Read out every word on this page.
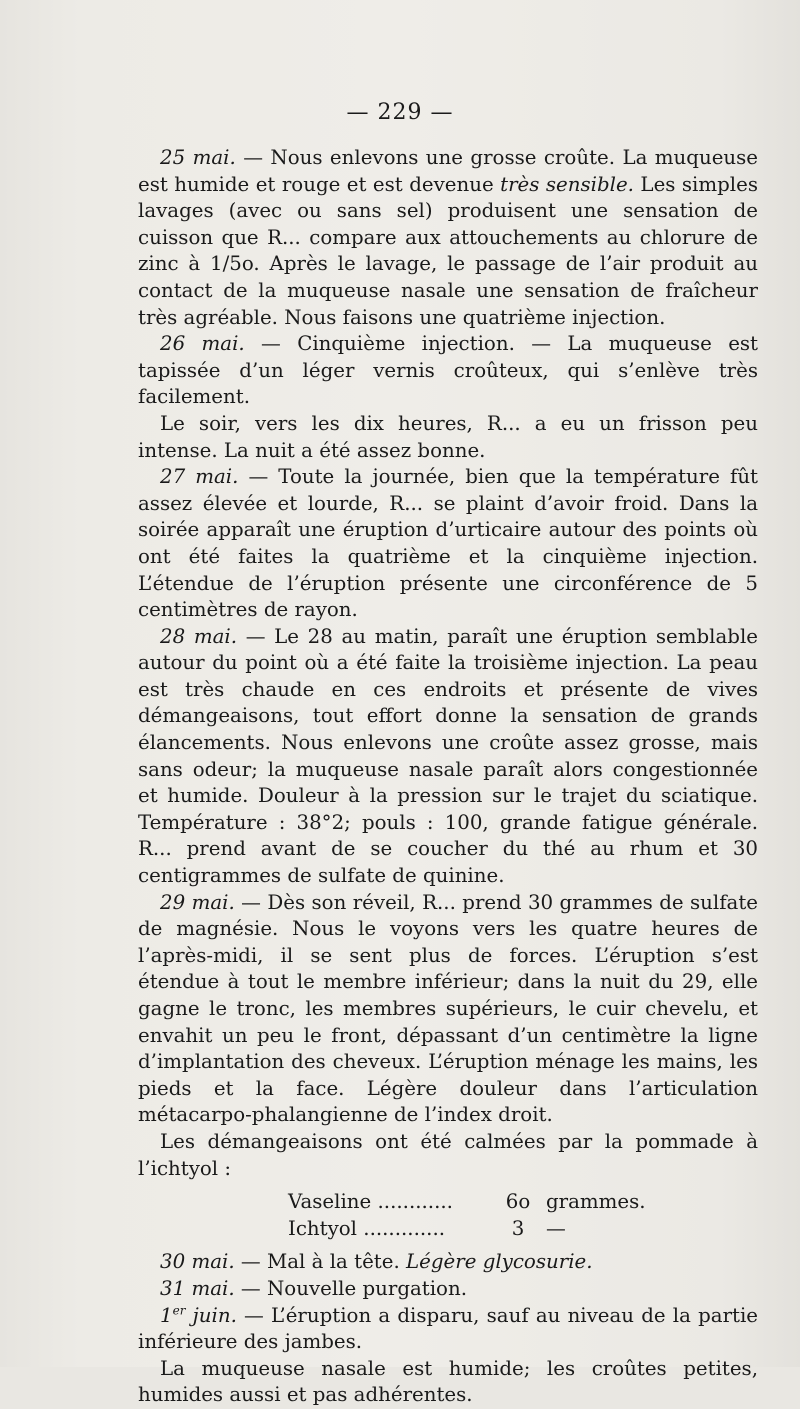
— 229 —

25 mai. — Nous enlevons une grosse croûte. La muqueuse est humide et rouge et est devenue très sensible. Les simples lavages (avec ou sans sel) produisent une sensation de cuisson que R... compare aux attouchements au chlorure de zinc à 1/5o. Après le lavage, le passage de l’air produit au contact de la muqueuse nasale une sensation de fraîcheur très agréable. Nous faisons une quatrième injection.

26 mai. — Cinquième injection. — La muqueuse est tapissée d’un léger vernis croûteux, qui s’enlève très facilement.

Le soir, vers les dix heures, R... a eu un frisson peu intense. La nuit a été assez bonne.

27 mai. — Toute la journée, bien que la température fût assez élevée et lourde, R... se plaint d’avoir froid. Dans la soirée apparaît une éruption d’urticaire autour des points où ont été faites la quatrième et la cinquième injection. L’étendue de l’éruption présente une circonférence de 5 centimètres de rayon.

28 mai. — Le 28 au matin, paraît une éruption semblable autour du point où a été faite la troisième injection. La peau est très chaude en ces endroits et présente de vives démangeaisons, tout effort donne la sensation de grands élancements. Nous enlevons une croûte assez grosse, mais sans odeur; la muqueuse nasale paraît alors congestionnée et humide. Douleur à la pression sur le trajet du sciatique. Température : 38°2; pouls : 100, grande fatigue générale. R... prend avant de se coucher du thé au rhum et 30 centigrammes de sulfate de quinine.

29 mai. — Dès son réveil, R... prend 30 grammes de sulfate de magnésie. Nous le voyons vers les quatre heures de l’après-midi, il se sent plus de forces. L’éruption s’est étendue à tout le membre inférieur; dans la nuit du 29, elle gagne le tronc, les membres supérieurs, le cuir chevelu, et envahit un peu le front, dépassant d’un centimètre la ligne d’implantation des cheveux. L’éruption ménage les mains, les pieds et la face. Légère douleur dans l’articulation métacarpo-phalangienne de l’index droit.

Les démangeaisons ont été calmées par la pommade à l’ichtyol :

Vaseline ............	6o grammes.
Ichtyol .............	3	—

30 mai. — Mal à la tête. Légère glycosurie.

31 mai. — Nouvelle purgation.

1er juin. — L’éruption a disparu, sauf au niveau de la partie inférieure des jambes.

La muqueuse nasale est humide; les croûtes petites, humides aussi et pas adhérentes.
